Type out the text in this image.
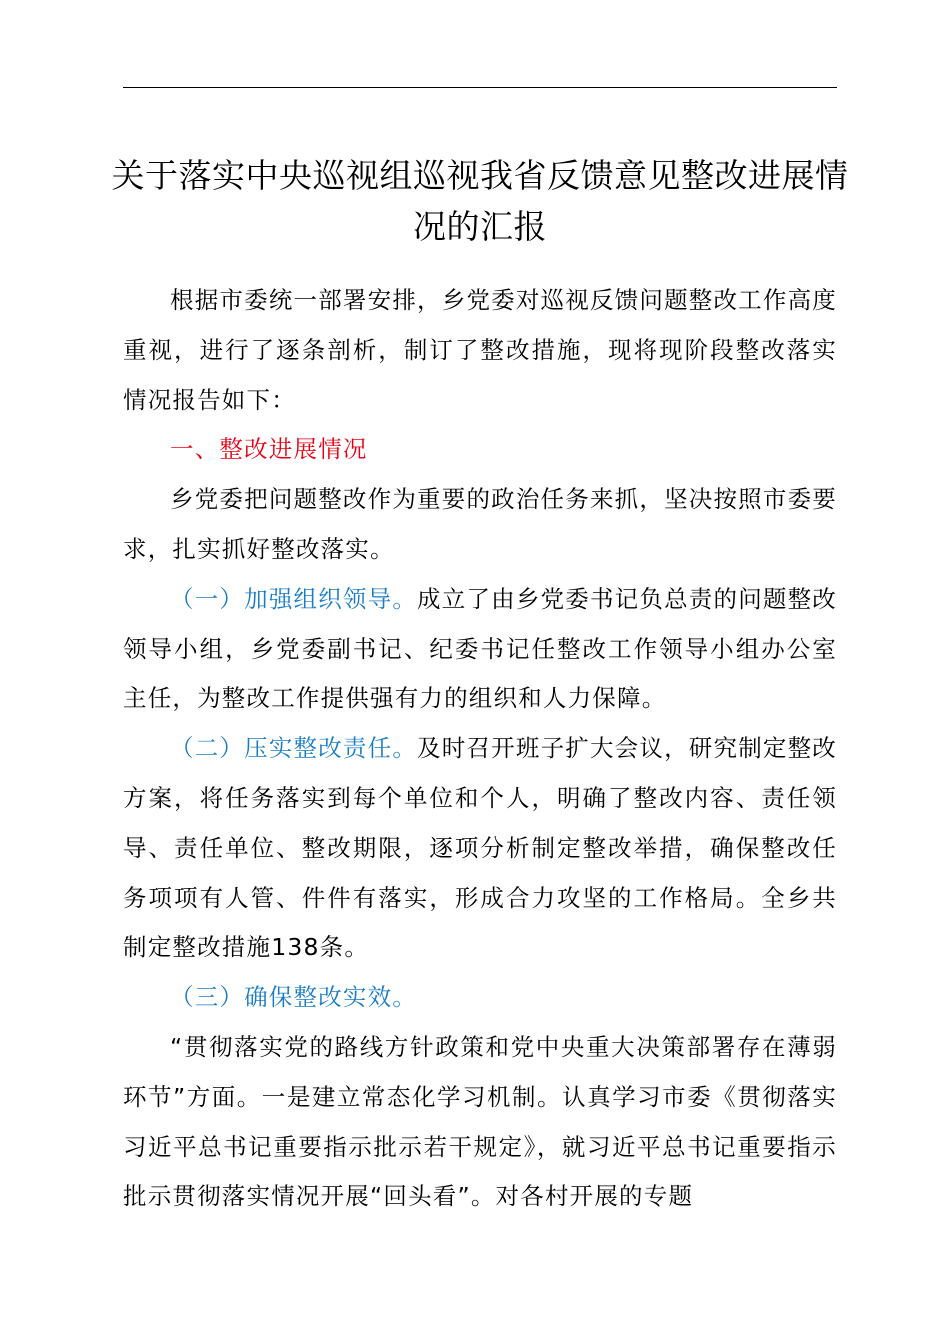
关于落实中央巡视组巡视我省反馈意见整改进展情况的汇报

根据市委统一部署安排，乡党委对巡视反馈问题整改工作高度重视，进行了逐条剖析，制订了整改措施，现将现阶段整改落实情况报告如下：

一、整改进展情况

乡党委把问题整改作为重要的政治任务来抓，坚决按照市委要求，扎实抓好整改落实。

（一）加强组织领导。成立了由乡党委书记负总责的问题整改领导小组，乡党委副书记、纪委书记任整改工作领导小组办公室主任，为整改工作提供强有力的组织和人力保障。

（二）压实整改责任。及时召开班子扩大会议，研究制定整改方案，将任务落实到每个单位和个人，明确了整改内容、责任领导、责任单位、整改期限，逐项分析制定整改举措，确保整改任务项项有人管、件件有落实，形成合力攻坚的工作格局。全乡共制定整改措施138条。

（三）确保整改实效。

“贯彻落实党的路线方针政策和党中央重大决策部署存在薄弱环节”方面。一是建立常态化学习机制。认真学习市委《贯彻落实习近平总书记重要指示批示若干规定》，就习近平总书记重要指示批示贯彻落实情况开展“回头看”。对各村开展的专题
